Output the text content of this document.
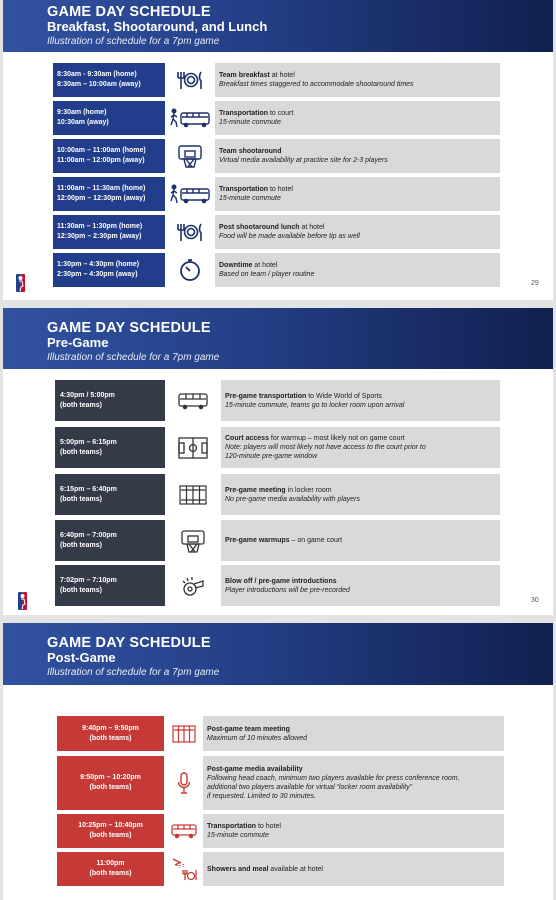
GAME DAY SCHEDULE
Breakfast, Shootaround, and Lunch
Illustration of schedule for a 7pm game
8:30am - 9:30am (home)
8:30am – 10:00am (away)
Team breakfast at hotel
Breakfast times staggered to accommodate shootaround times
9:30am (home)
10:30am (away)
Transportation to court
15-minute commute
10:00am – 11:00am (home)
11:00am – 12:00pm (away)
Team shootaround
Virtual media availability at practice site for 2-3 players
11:00am – 11:30am (home)
12:00pm – 12:30pm (away)
Transportation to hotel
15-minute commute
11:30am – 1:30pm (home)
12:30pm – 2:30pm (away)
Post shootaround lunch at hotel
Food will be made available before tip as well
1:30pm – 4:30pm (home)
2:30pm – 4:30pm (away)
Downtime at hotel
Based on team / player routine
29
GAME DAY SCHEDULE
Pre-Game
Illustration of schedule for a 7pm game
4:30pm / 5:00pm
(both teams)
Pre-game transportation to Wide World of Sports
15-minute commute, teams go to locker room upon arrival
5:00pm – 6:15pm
(both teams)
Court access for warmup – most likely not on game court
Note: players will most likely not have access to the court prior to
120-minute pre-game window
6:15pm – 6:40pm
(both teams)
Pre-game meeting in locker room
No pre-game media availability with players
6:40pm – 7:00pm
(both teams)
Pre-game warmups – on game court
7:02pm – 7:10pm
(both teams)
Blow off / pre-game introductions
Player introductions will be pre-recorded
30
GAME DAY SCHEDULE
Post-Game
Illustration of schedule for a 7pm game
9:40pm – 9:50pm
(both teams)
Post-game team meeting
Maximum of 10 minutes allowed
9:50pm – 10:20pm
(both teams)
Post-game media availability
Following head coach, minimum two players available for press conference room,
additional two players available for virtual “locker room availability”
if requested. Limited to 30 minutes.
10:25pm – 10:40pm
(both teams)
Transportation to hotel
15-minute commute
11:00pm
(both teams)
Showers and meal available at hotel
